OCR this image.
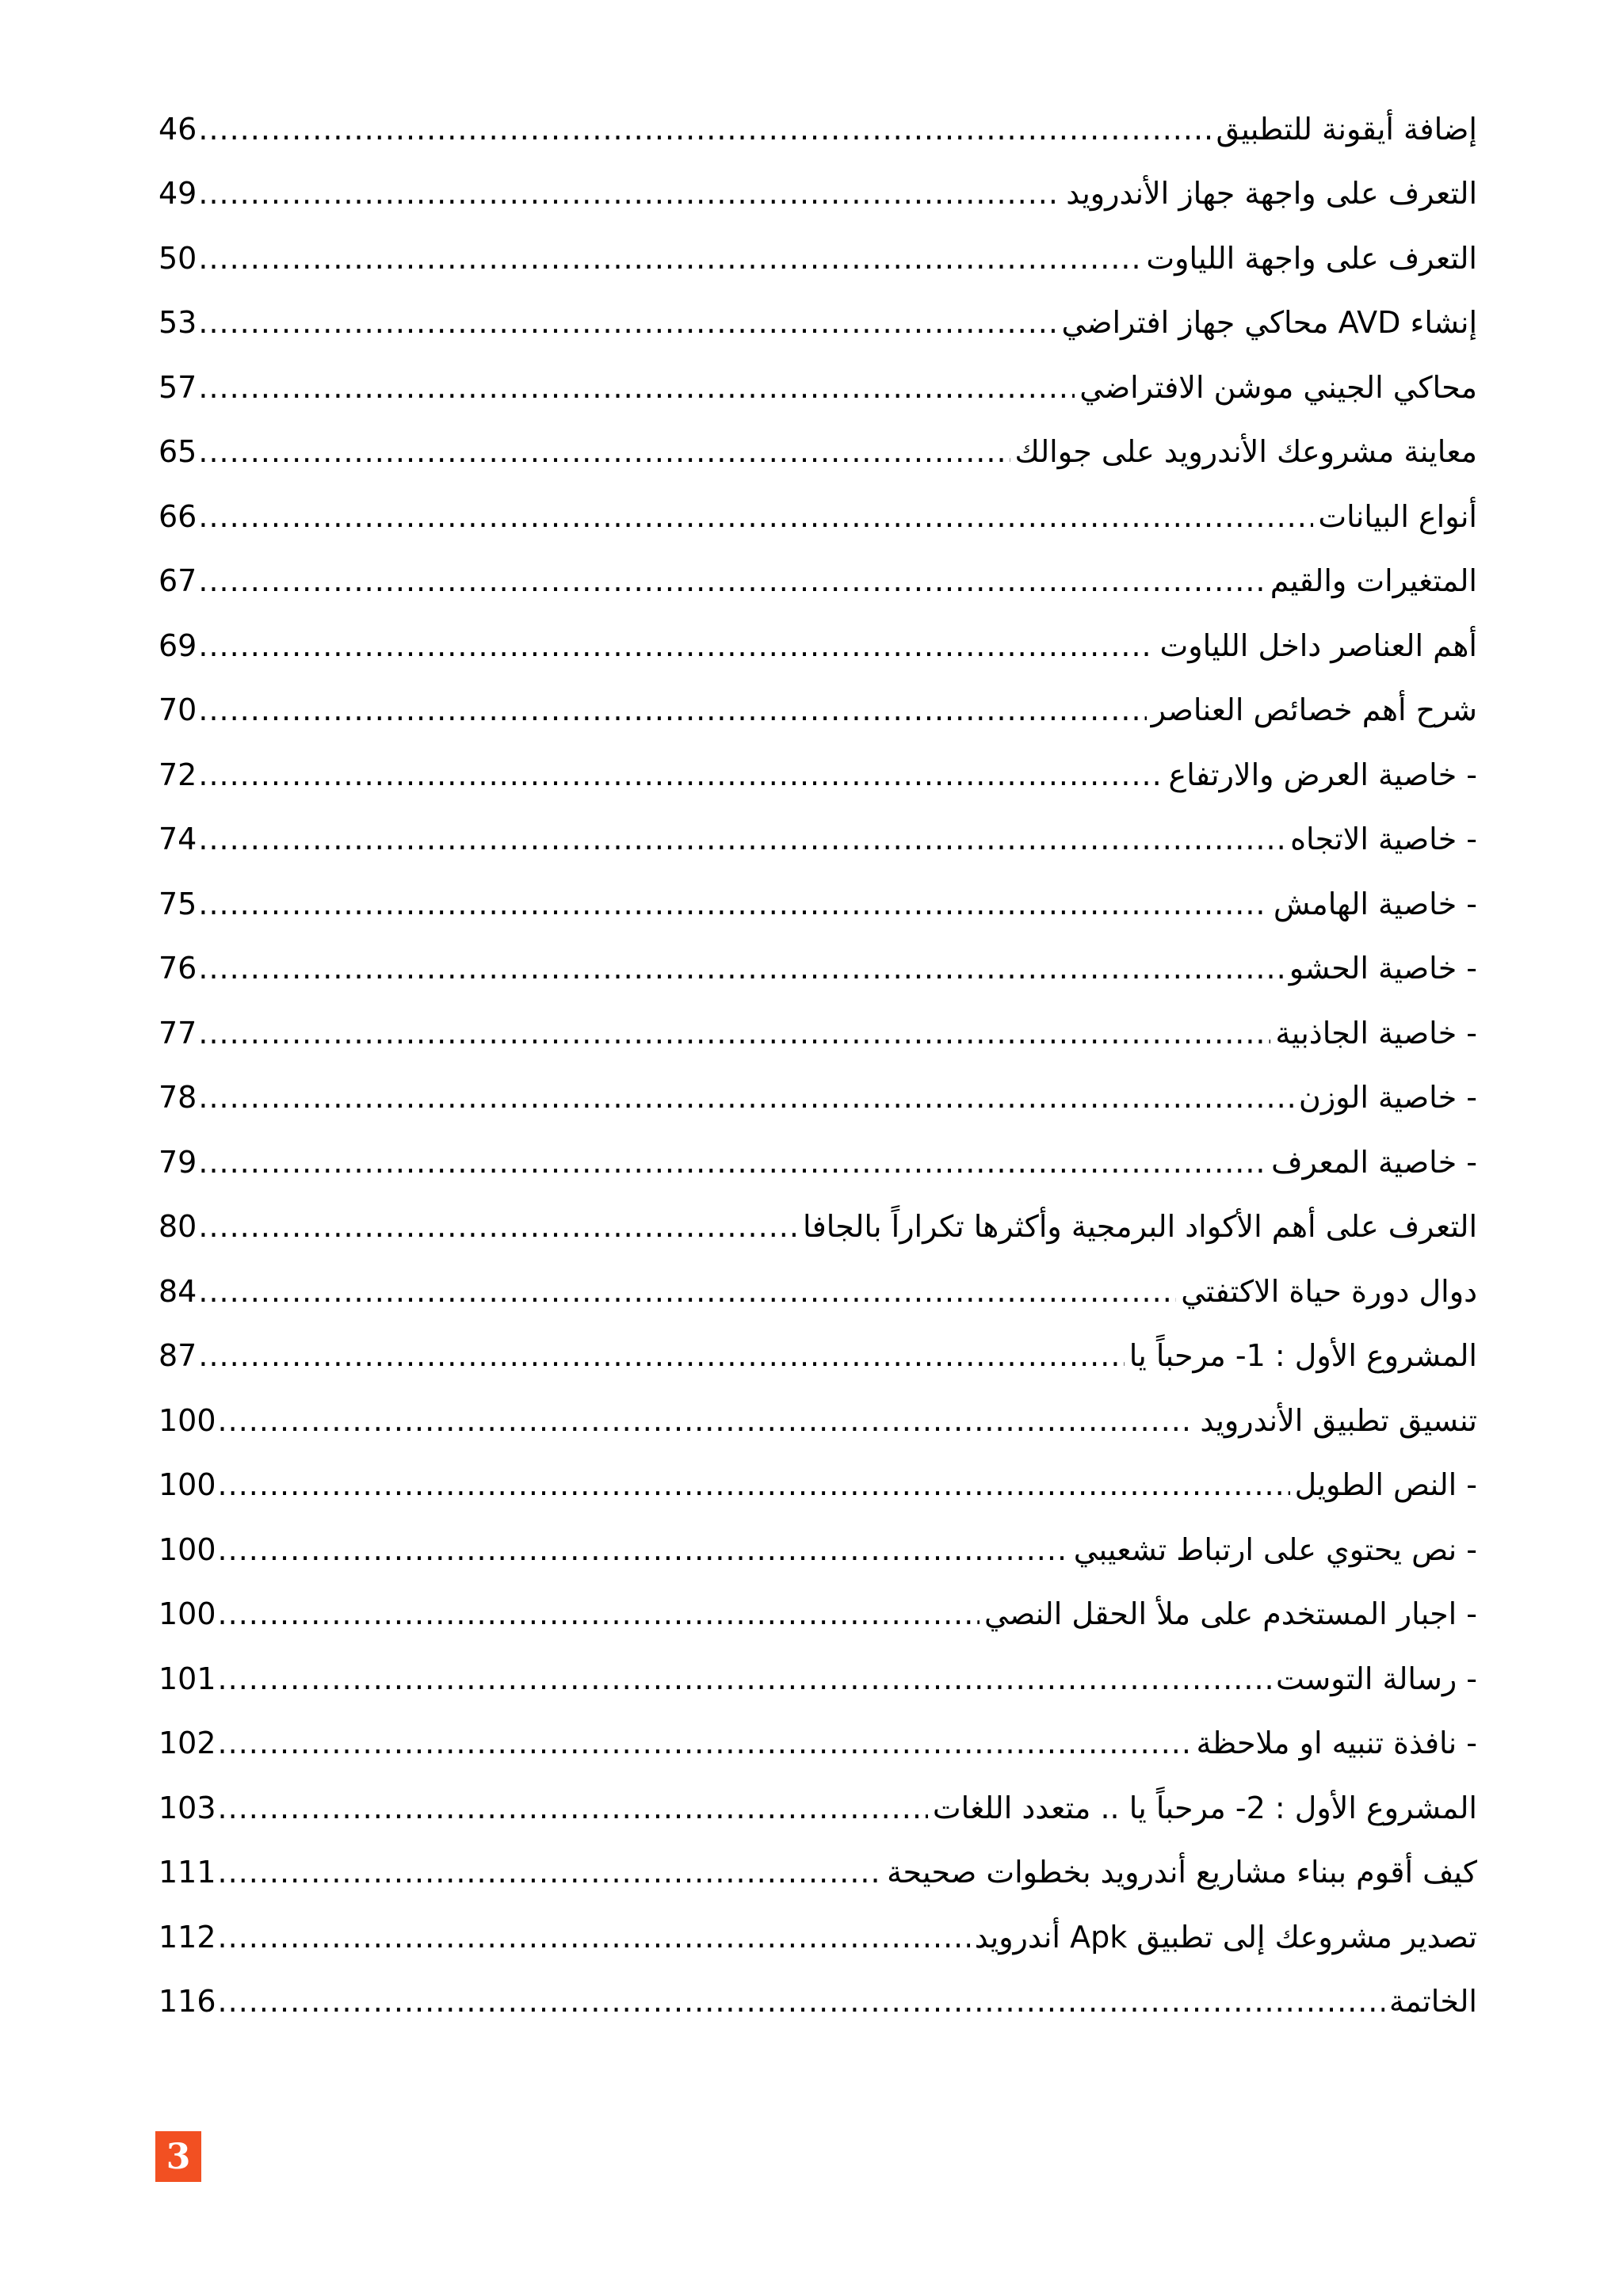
46 .....	إضافة أيقونة للتطبيق
49 .....	التعرف على واجهة جهاز الأندرويد
50 .....	التعرف على واجهة اللياوت
53 .....	إنشاء AVD محاكي جهاز افتراضي
57 .....	محاكي الجيني موشن الافتراضي
65 .....	معاينة مشروعك الأندرويد على جوالك
66 .....	أنواع البيانات
67 .....	المتغيرات والقيم
69 .....	أهم العناصر داخل اللياوت
70 .....	شرح أهم خصائص العناصر
72 .....	- خاصية العرض والارتفاع
74 .....	- خاصية الاتجاه
75 .....	- خاصية الهامش
76 .....	- خاصية الحشو
77 .....	- خاصية الجاذبية
78 .....	- خاصية الوزن
79 .....	- خاصية المعرف
80 .....	التعرف على أهم الأكواد البرمجية وأكثرها تكراراً بالجافا
84 .....	دوال دورة حياة الاكتفتي
87 .....	المشروع الأول : 1- مرحباً يا
100 .....	تنسيق تطبيق الأندرويد
100 .....	- النص الطويل
100 .....	- نص يحتوي على ارتباط تشعيبي
100 .....	- اجبار المستخدم على ملأ الحقل النصي
101 .....	- رسالة التوست
102 .....	- نافذة تنبيه او ملاحظة
103 .....	المشروع الأول : 2- مرحباً يا .. متعدد اللغات
111 .....	كيف أقوم ببناء مشاريع أندرويد بخطوات صحيحة
112 .....	تصدير مشروعك إلى تطبيق Apk أندرويد
116 .....	الخاتمة
3
